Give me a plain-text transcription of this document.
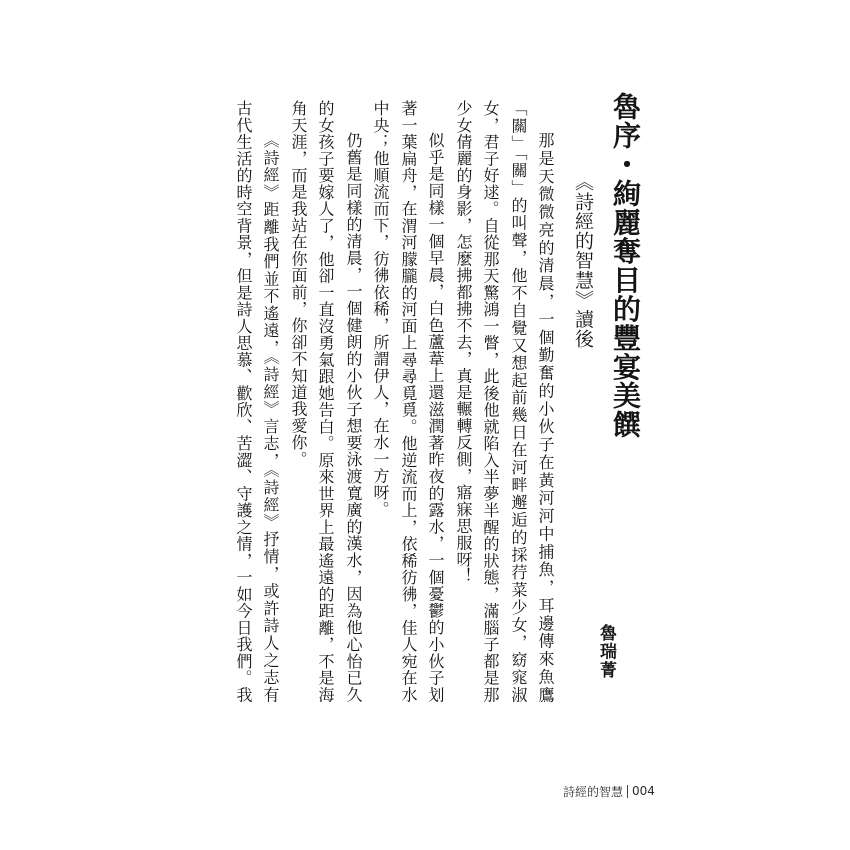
魯序・絢麗奪目的豐宴美饌
《詩經的智慧》讀後
魯瑞菁

那是天微微亮的清晨，一個勤奮的小伙子在黃河河中捕魚，耳邊傳來魚鷹

「關」「關」的叫聲，他不自覺又想起前幾日在河畔邂逅的採荇菜少女，窈窕淑

女，君子好逑。自從那天驚鴻一瞥，此後他就陷入半夢半醒的狀態，滿腦子都是那

少女倩麗的身影，怎麼拂都拂不去，真是輾轉反側，寤寐思服呀！

似乎是同樣一個早晨，白色蘆葦上還滋潤著昨夜的露水，一個憂鬱的小伙子划

著一葉扁舟，在渭河朦朧的河面上尋尋覓覓。他逆流而上，依稀彷彿，佳人宛在水

中央；他順流而下，彷彿依稀，所謂伊人，在水一方呀。

仍舊是同樣的清晨，一個健朗的小伙子想要泳渡寬廣的漢水，因為他心怡已久

的女孩子要嫁人了，他卻一直沒勇氣跟她告白。原來世界上最遙遠的距離，不是海

角天涯，而是我站在你面前，你卻不知道我愛你。

《詩經》距離我們並不遙遠，《詩經》言志，《詩經》抒情，或許詩人之志有

古代生活的時空背景，但是詩人思慕、歡欣、苦澀、守護之情，一如今日我們。我

詩經的智慧 004
